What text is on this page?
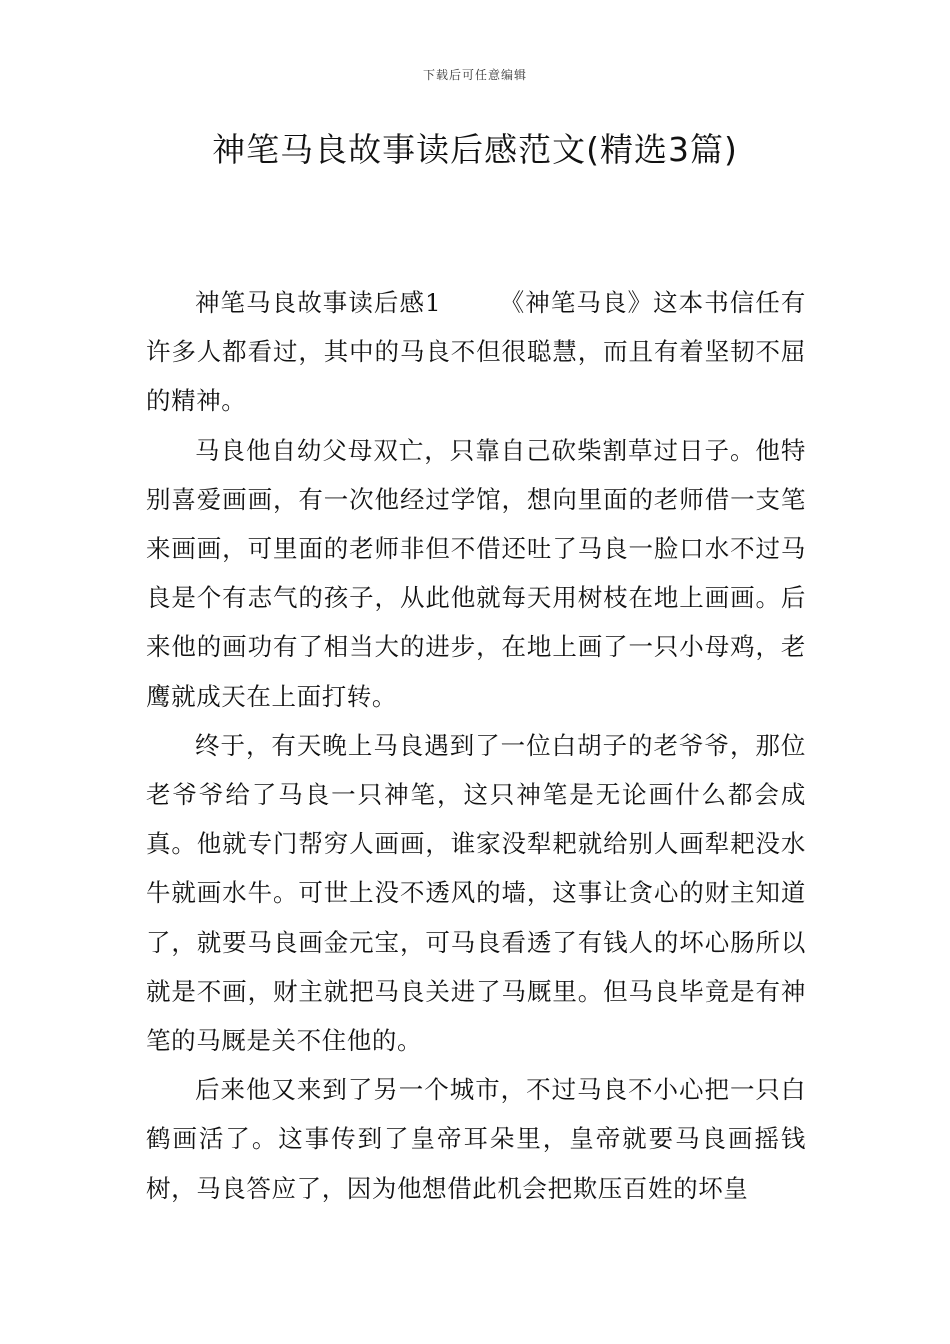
下载后可任意编辑
神笔马良故事读后感范文(精选3篇)

神笔马良故事读后感1 《神笔马良》这本书信任有许多人都看过，其中的马良不但很聪慧，而且有着坚韧不屈的精神。

马良他自幼父母双亡，只靠自己砍柴割草过日子。他特别喜爱画画，有一次他经过学馆，想向里面的老师借一支笔来画画，可里面的老师非但不借还吐了马良一脸口水不过马良是个有志气的孩子，从此他就每天用树枝在地上画画。后来他的画功有了相当大的进步，在地上画了一只小母鸡，老鹰就成天在上面打转。

终于，有天晚上马良遇到了一位白胡子的老爷爷，那位老爷爷给了马良一只神笔，这只神笔是无论画什么都会成真。他就专门帮穷人画画，谁家没犁耙就给别人画犁耙没水牛就画水牛。可世上没不透风的墙，这事让贪心的财主知道了，就要马良画金元宝，可马良看透了有钱人的坏心肠所以就是不画，财主就把马良关进了马厩里。但马良毕竟是有神笔的马厩是关不住他的。

后来他又来到了另一个城市，不过马良不小心把一只白鹤画活了。这事传到了皇帝耳朵里，皇帝就要马良画摇钱树，马良答应了，因为他想借此机会把欺压百姓的坏皇
